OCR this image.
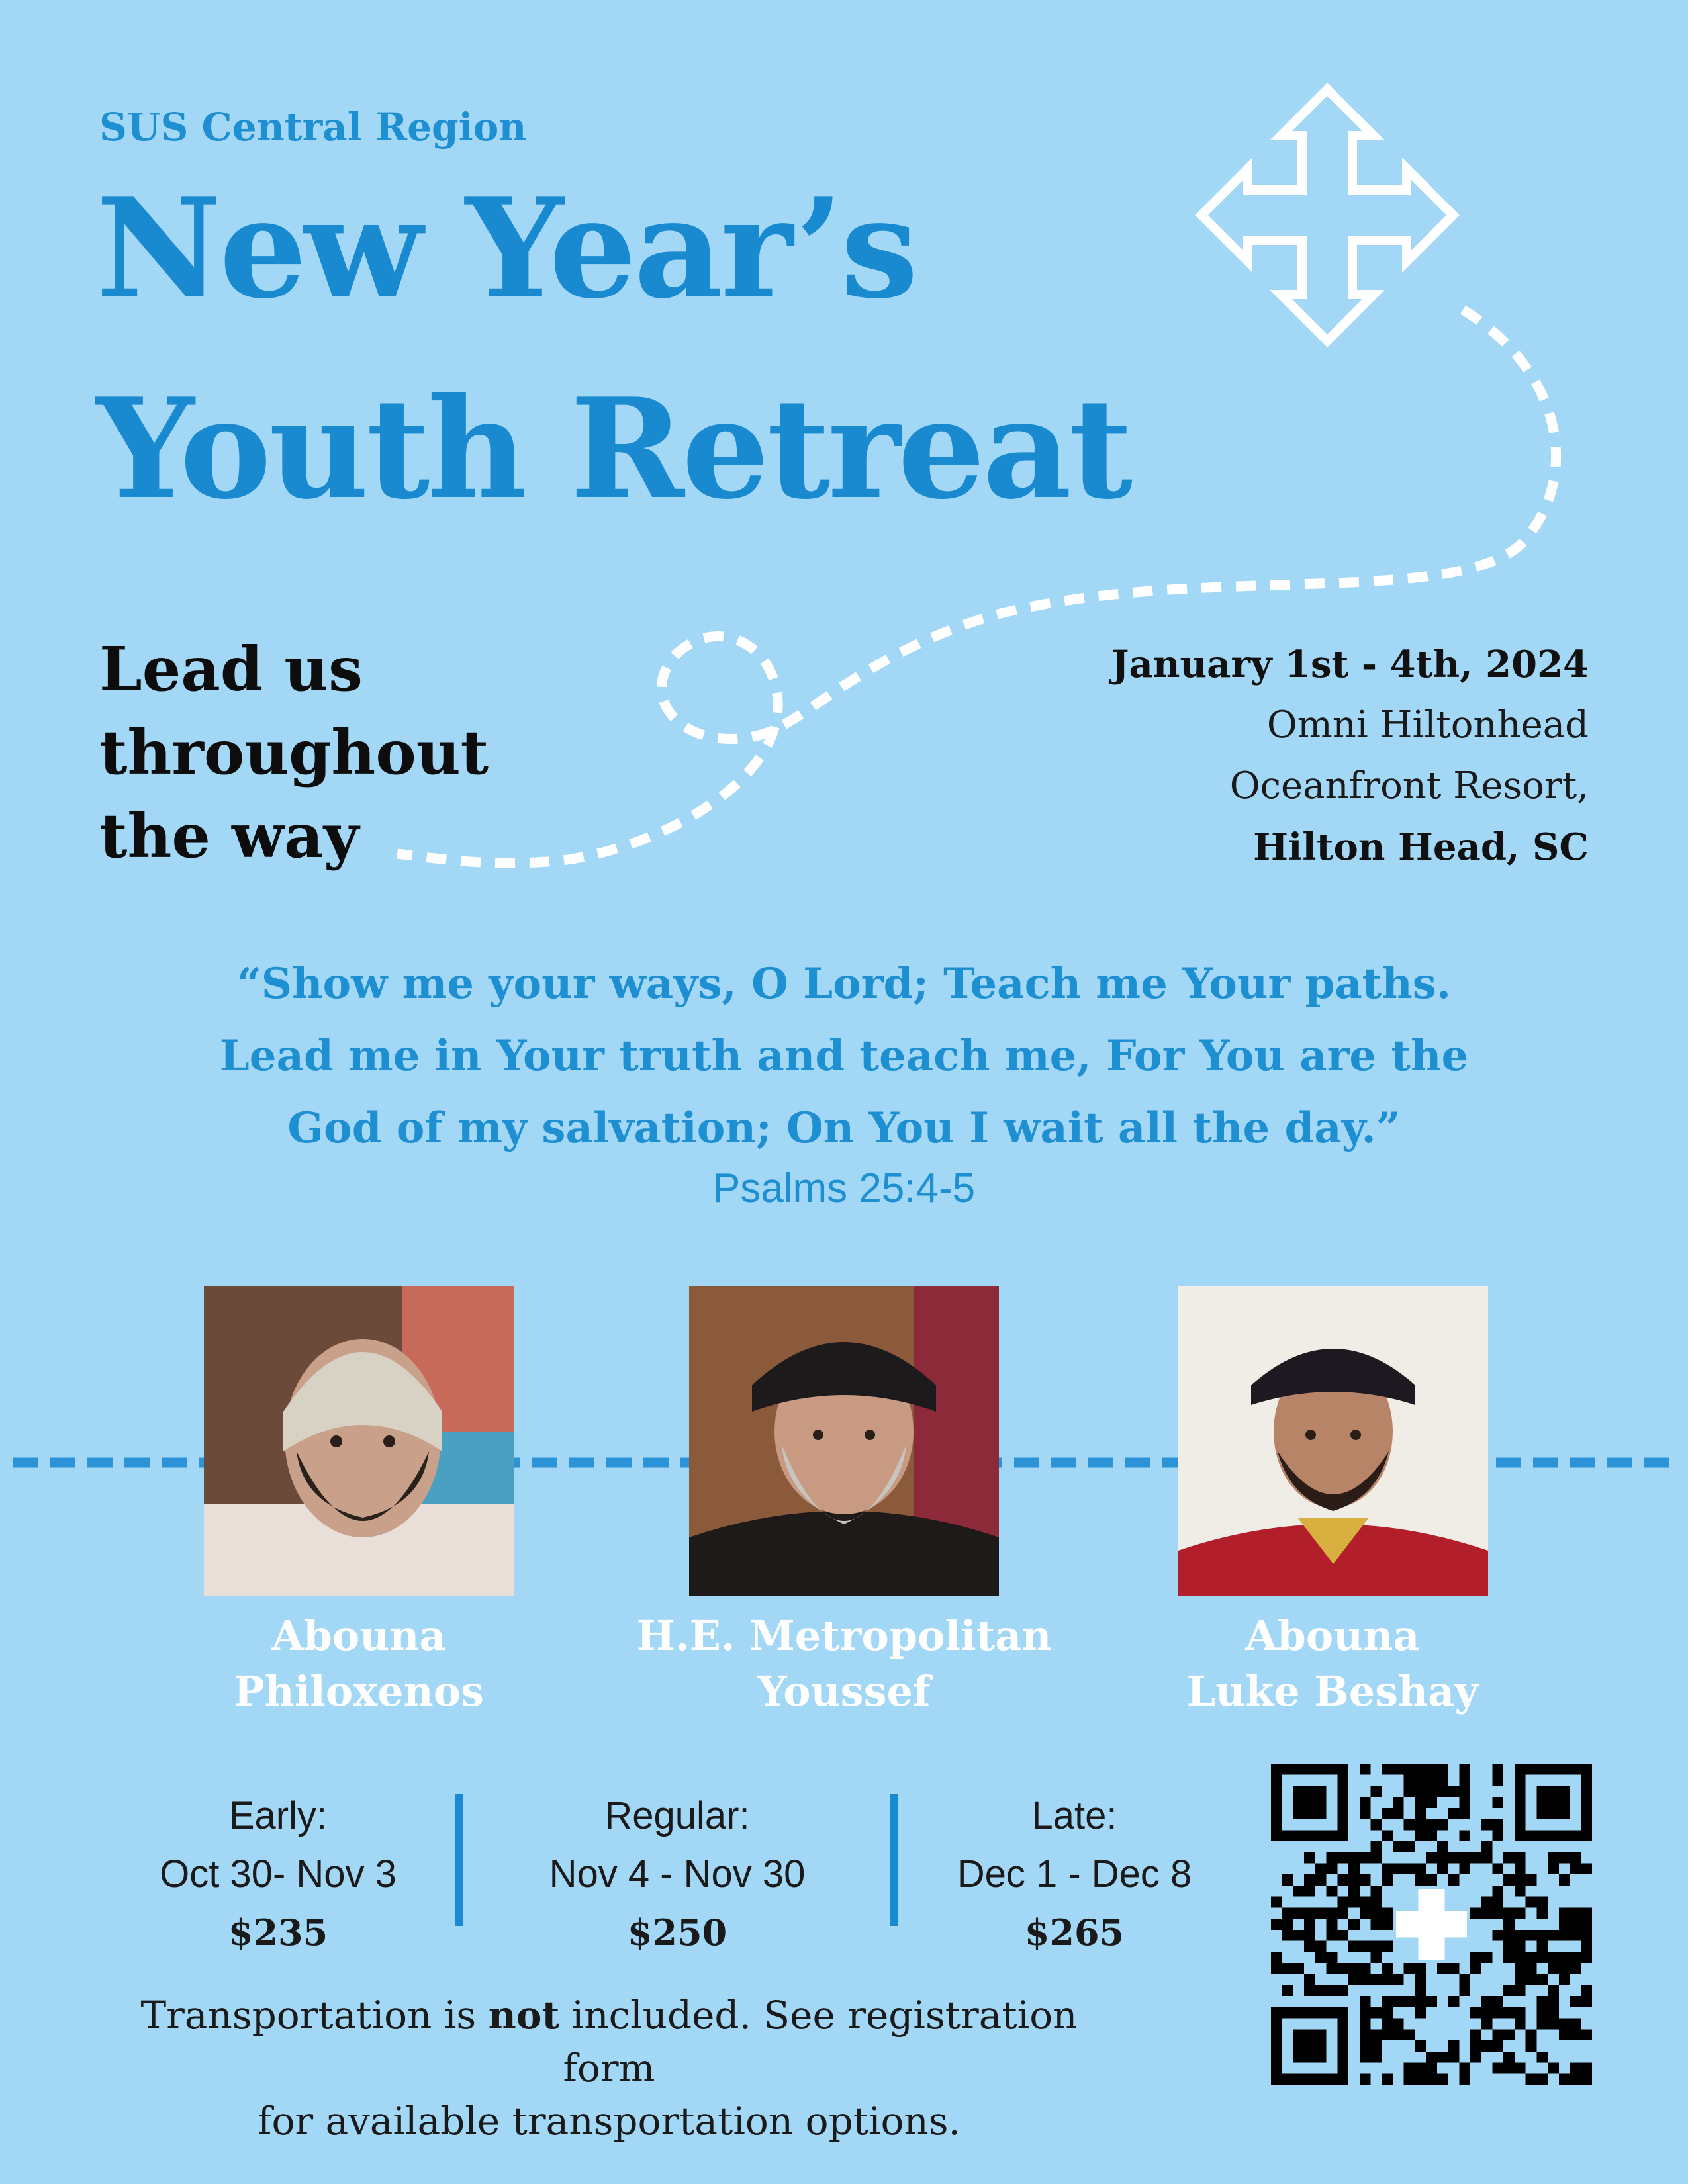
SUS Central Region
New Year’s
Youth Retreat
Lead us
throughout
the way
January 1st - 4th, 2024
Omni Hiltonhead
Oceanfront Resort,
Hilton Head, SC
“Show me your ways, O Lord; Teach me Your paths.
Lead me in Your truth and teach me, For You are the
God of my salvation; On You I wait all the day.”
Psalms 25:4-5
Abouna
Philoxenos
H.E. Metropolitan
Youssef
Abouna
Luke Beshay
Early:
Oct 30- Nov 3
$235
Regular:
Nov 4 - Nov 30
$250
Late:
Dec 1 - Dec 8
$265
Transportation is not included. See registration form
for available transportation options.
